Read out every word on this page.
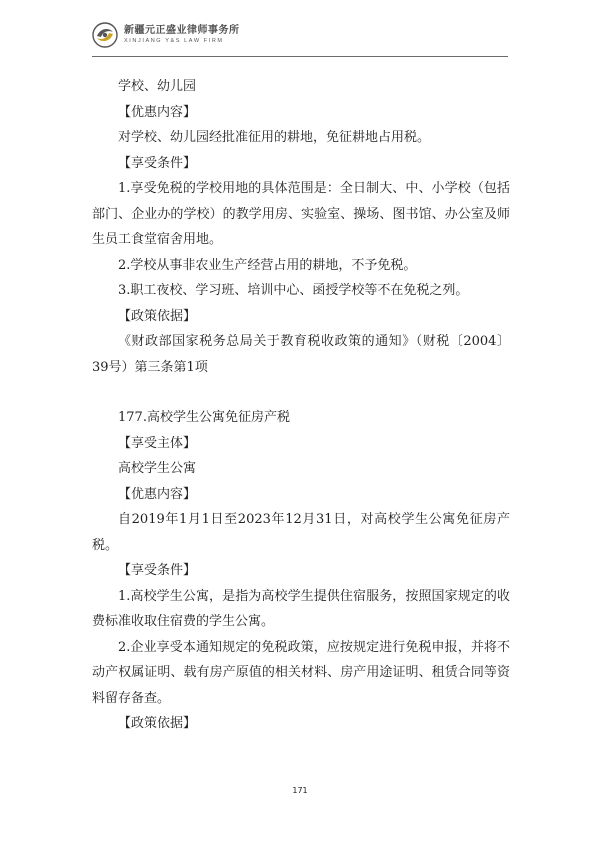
新疆元正盛业律师事务所
XINJIANG Y&S LAW FIRM

学校、幼儿园

【优惠内容】

对学校、幼儿园经批准征用的耕地，免征耕地占用税。

【享受条件】

1.享受免税的学校用地的具体范围是：全日制大、中、小学校（包括部门、企业办的学校）的教学用房、实验室、操场、图书馆、办公室及师生员工食堂宿舍用地。

2.学校从事非农业生产经营占用的耕地，不予免税。

3.职工夜校、学习班、培训中心、函授学校等不在免税之列。

【政策依据】

《财政部国家税务总局关于教育税收政策的通知》（财税〔2004〕39号）第三条第1项

177.高校学生公寓免征房产税

【享受主体】

高校学生公寓

【优惠内容】

自2019年1月1日至2023年12月31日，对高校学生公寓免征房产税。

【享受条件】

1.高校学生公寓，是指为高校学生提供住宿服务，按照国家规定的收费标准收取住宿费的学生公寓。

2.企业享受本通知规定的免税政策，应按规定进行免税申报，并将不动产权属证明、载有房产原值的相关材料、房产用途证明、租赁合同等资料留存备查。

【政策依据】

171
